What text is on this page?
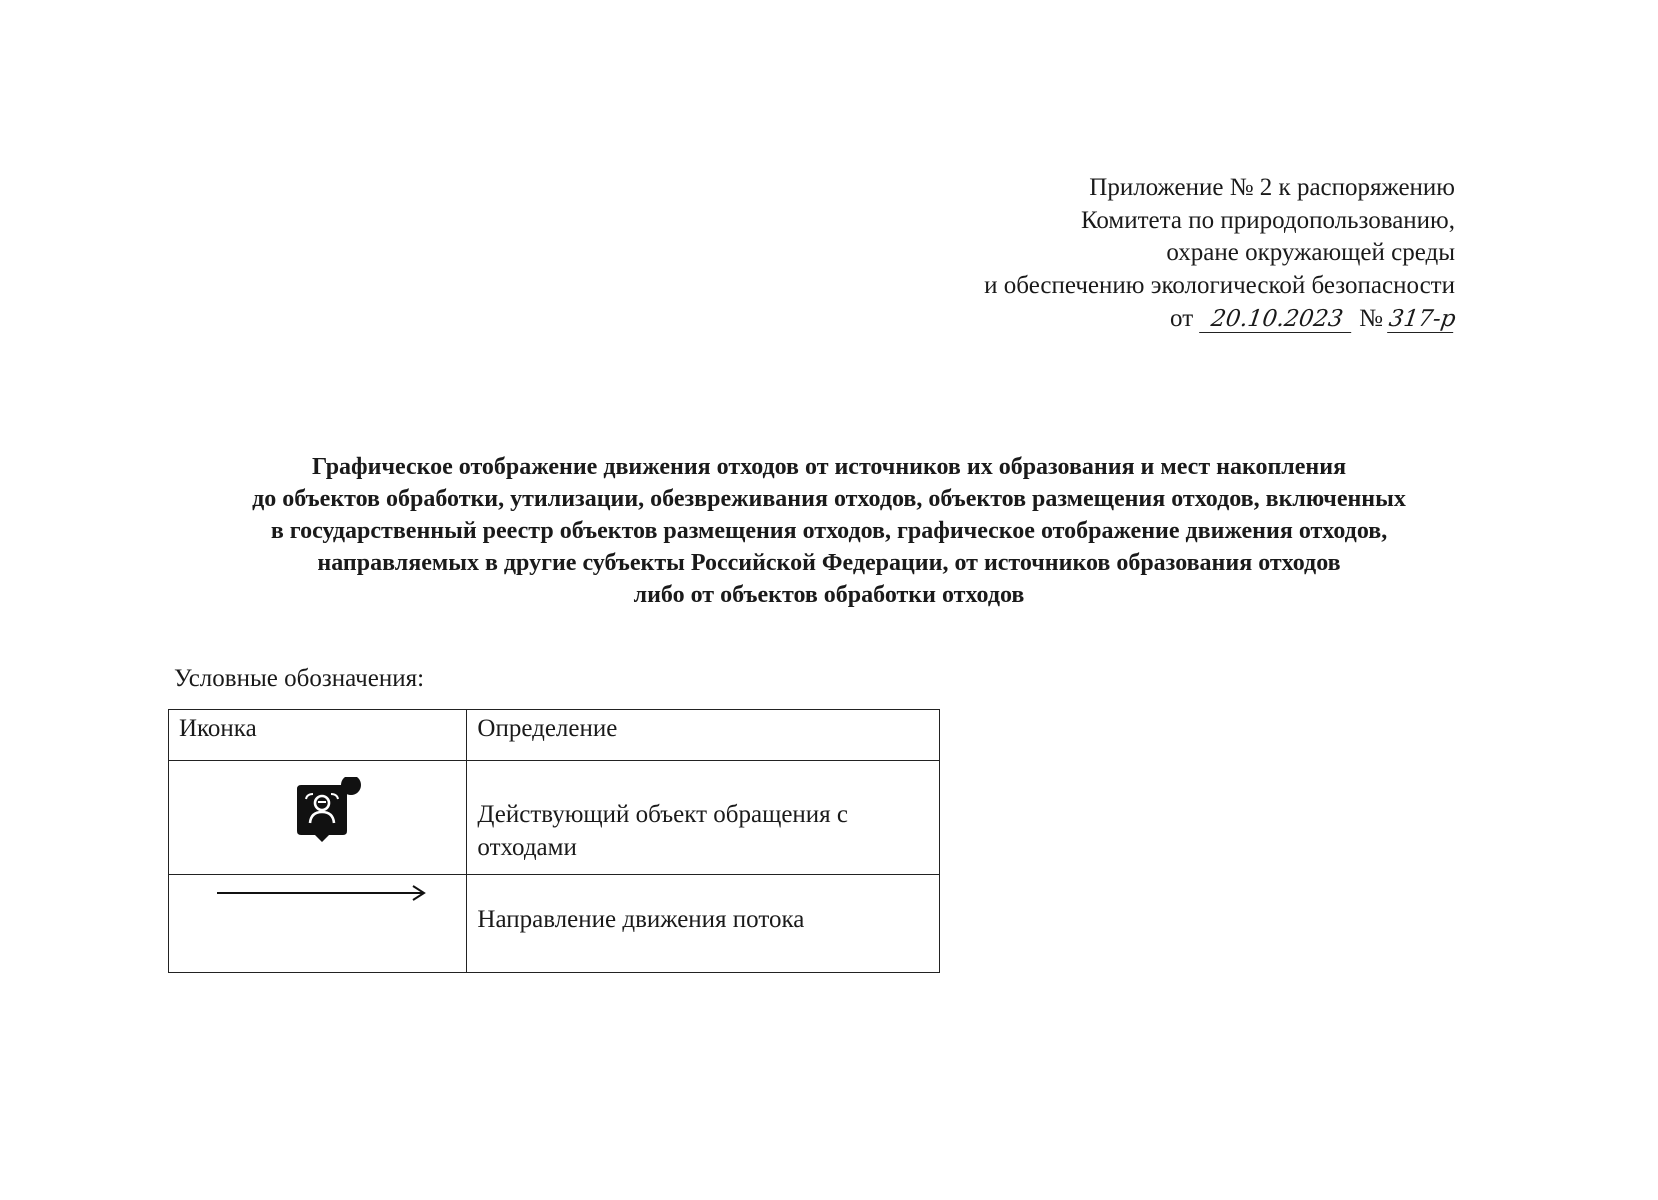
Приложение № 2 к распоряжению
Комитета по природопользованию,
охране окружающей среды
и обеспечению экологической безопасности
от 20.10.2023 № 317-р
Графическое отображение движения отходов от источников их образования и мест накопления
до объектов обработки, утилизации, обезвреживания отходов, объектов размещения отходов, включенных
в государственный реестр объектов размещения отходов, графическое отображение движения отходов,
направляемых в другие субъекты Российской Федерации, от источников образования отходов
либо от объектов обработки отходов
Условные обозначения:
Иконка	Определение

	Действующий объект обращения с отходами

	Направление движения потока
